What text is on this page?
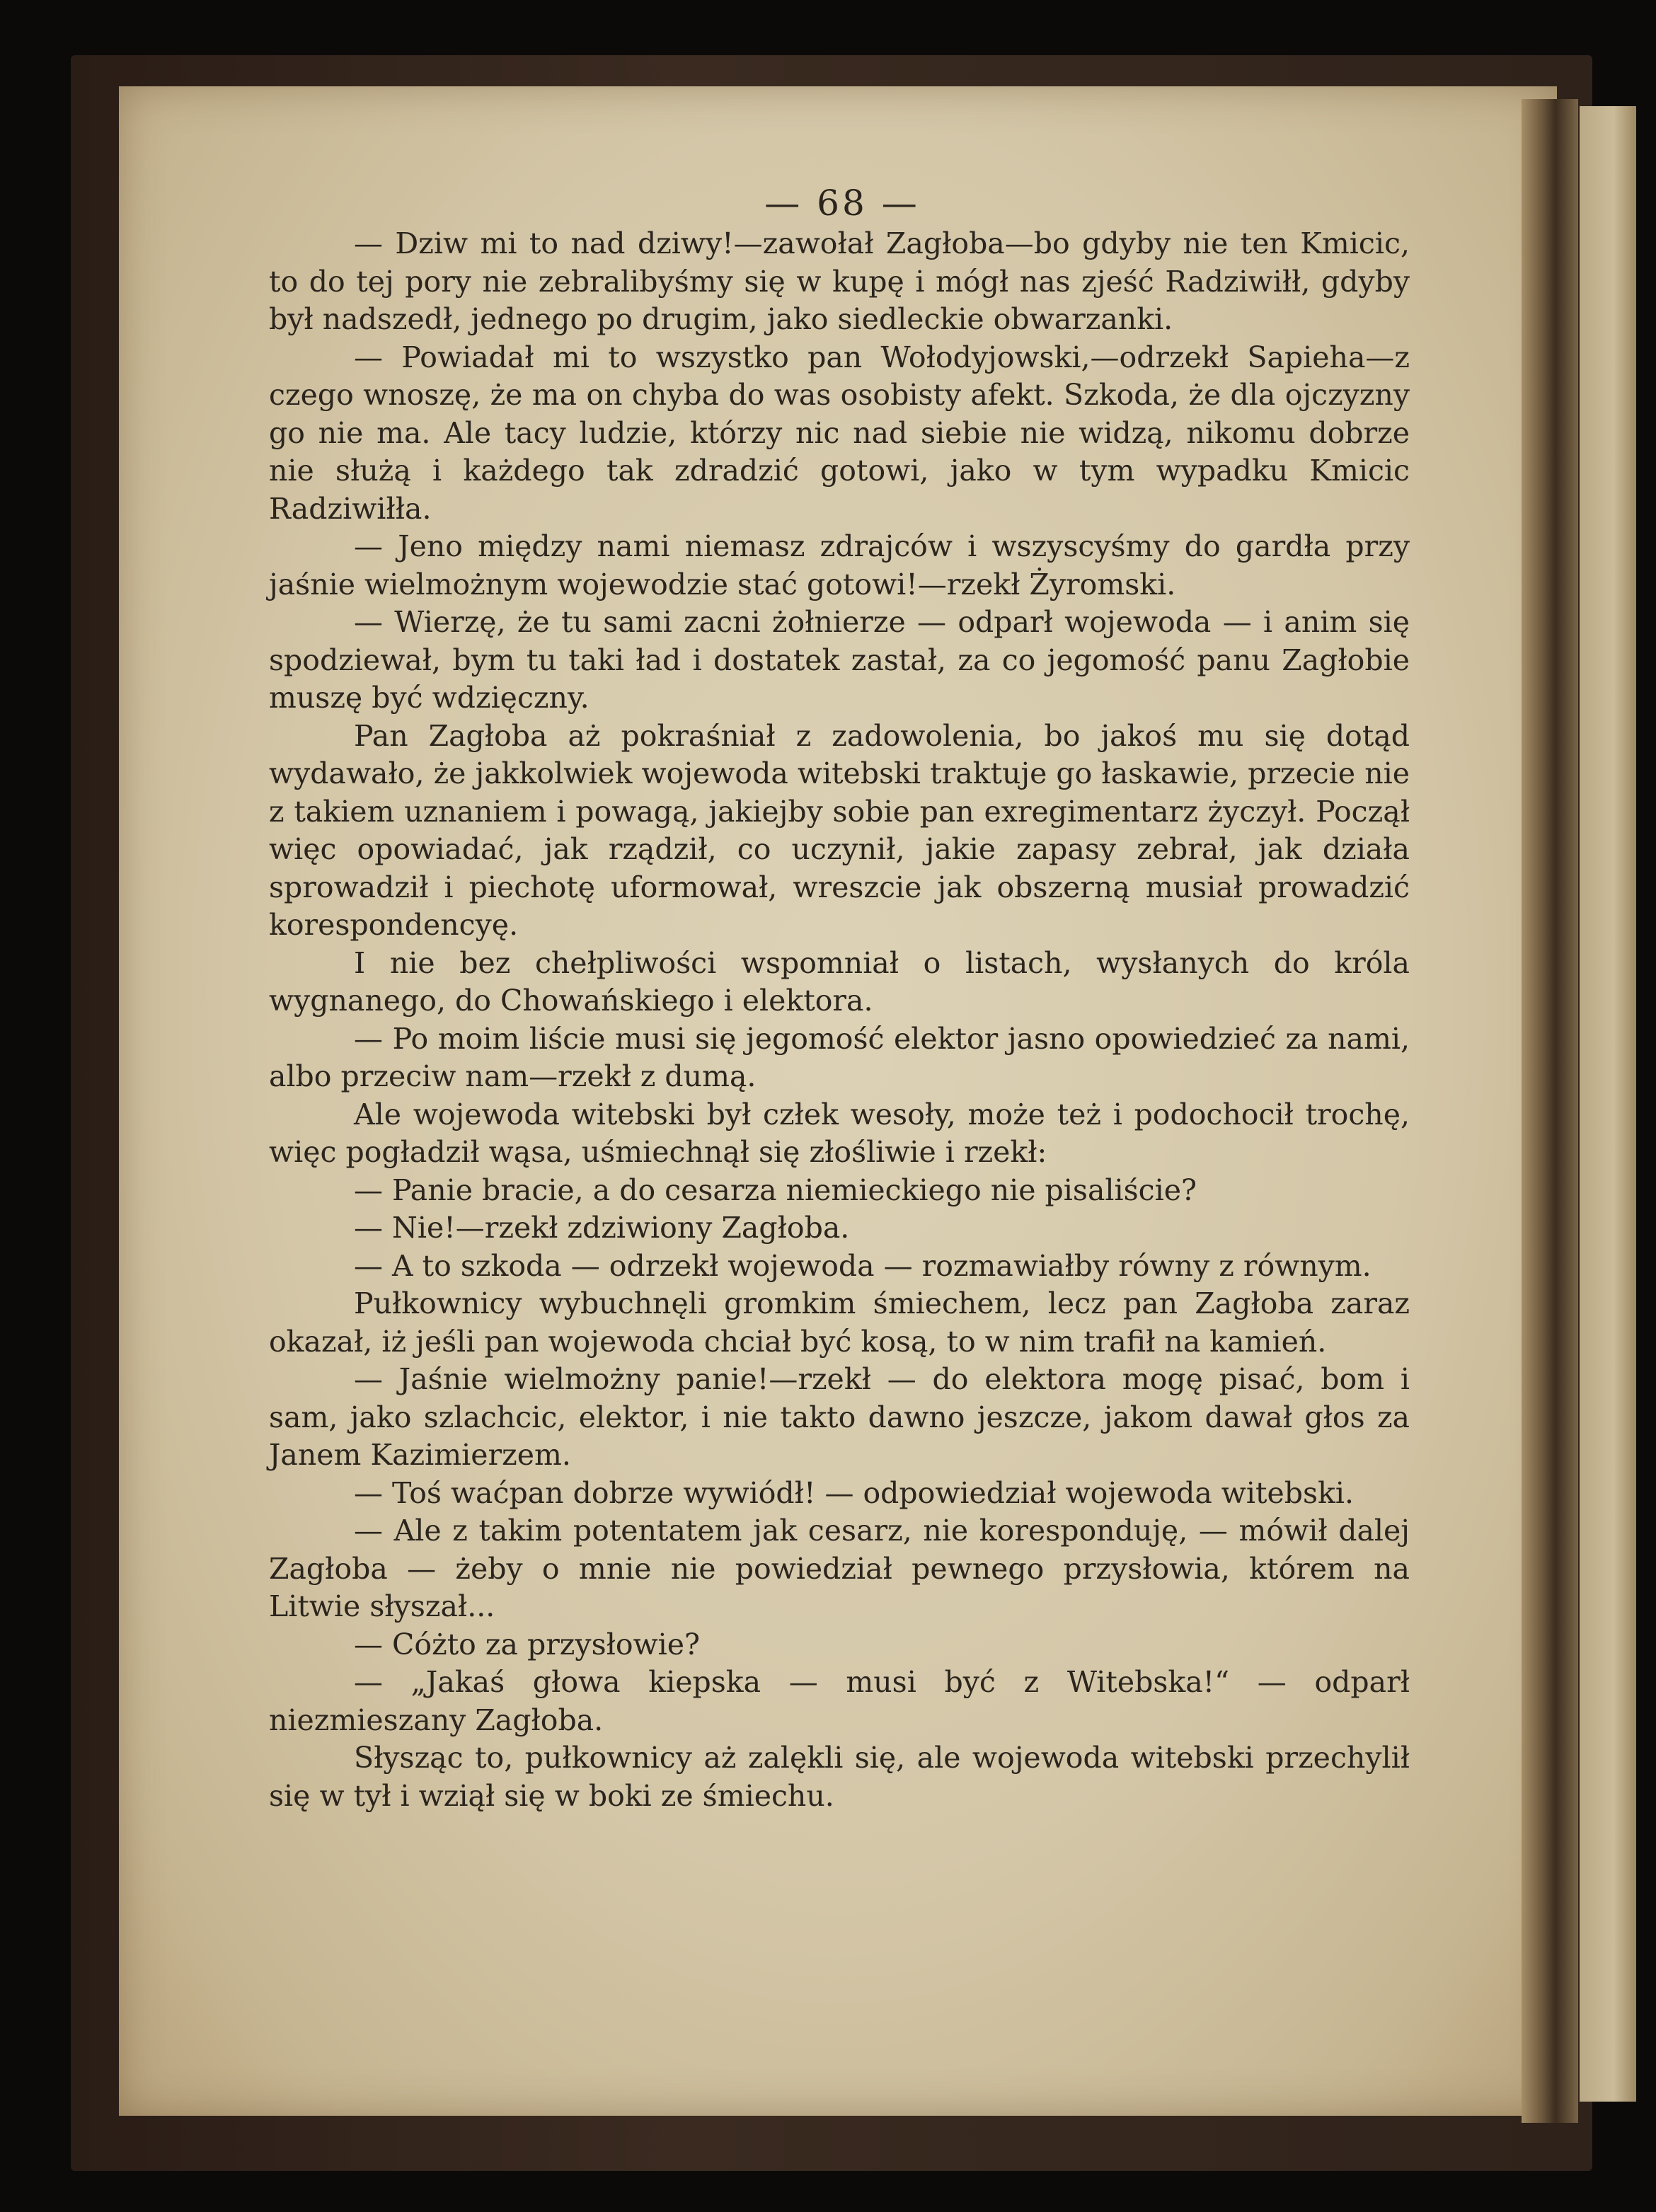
— 68 —

— Dziw mi to nad dziwy!—zawołał Zagłoba—bo gdyby nie ten Kmicic, to do tej pory nie zebralibyśmy się w kupę i mógł nas zjeść Radziwiłł, gdyby był nadszedł, jednego po drugim, jako siedleckie obwarzanki.

— Powiadał mi to wszystko pan Wołodyjowski,—odrzekł Sapieha—z czego wnoszę, że ma on chyba do was osobisty afekt. Szkoda, że dla ojczyzny go nie ma. Ale tacy ludzie, którzy nic nad siebie nie widzą, nikomu dobrze nie służą i każdego tak zdradzić gotowi, jako w tym wypadku Kmicic Radziwiłła.

— Jeno między nami niemasz zdrajców i wszyscyśmy do gardła przy jaśnie wielmożnym wojewodzie stać gotowi!—rzekł Żyromski.

— Wierzę, że tu sami zacni żołnierze — odparł wojewoda — i anim się spodziewał, bym tu taki ład i dostatek zastał, za co jegomość panu Zagłobie muszę być wdzięczny.

Pan Zagłoba aż pokraśniał z zadowolenia, bo jakoś mu się dotąd wydawało, że jakkolwiek wojewoda witebski traktuje go łaskawie, przecie nie z takiem uznaniem i powagą, jakiejby sobie pan exregimentarz życzył. Począł więc opowiadać, jak rządził, co uczynił, jakie zapasy zebrał, jak działa sprowadził i piechotę uformował, wreszcie jak obszerną musiał prowadzić korespondencyę.

I nie bez chełpliwości wspomniał o listach, wysłanych do króla wygnanego, do Chowańskiego i elektora.

— Po moim liście musi się jegomość elektor jasno opowiedzieć za nami, albo przeciw nam—rzekł z dumą.

Ale wojewoda witebski był człek wesoły, może też i podochocił trochę, więc pogładził wąsa, uśmiechnął się złośliwie i rzekł:

— Panie bracie, a do cesarza niemieckiego nie pisaliście?

— Nie!—rzekł zdziwiony Zagłoba.

— A to szkoda — odrzekł wojewoda — rozmawiałby równy z równym.

Pułkownicy wybuchnęli gromkim śmiechem, lecz pan Zagłoba zaraz okazał, iż jeśli pan wojewoda chciał być kosą, to w nim trafił na kamień.

— Jaśnie wielmożny panie!—rzekł — do elektora mogę pisać, bom i sam, jako szlachcic, elektor, i nie takto dawno jeszcze, jakom dawał głos za Janem Kazimierzem.

— Toś waćpan dobrze wywiódł! — odpowiedział wojewoda witebski.

— Ale z takim potentatem jak cesarz, nie koresponduję, — mówił dalej Zagłoba — żeby o mnie nie powiedział pewnego przysłowia, którem na Litwie słyszał...

— Cóżto za przysłowie?

— „Jakaś głowa kiepska — musi być z Witebska!“ — odparł niezmieszany Zagłoba.

Słysząc to, pułkownicy aż zalękli się, ale wojewoda witebski przechylił się w tył i wziął się w boki ze śmiechu.
